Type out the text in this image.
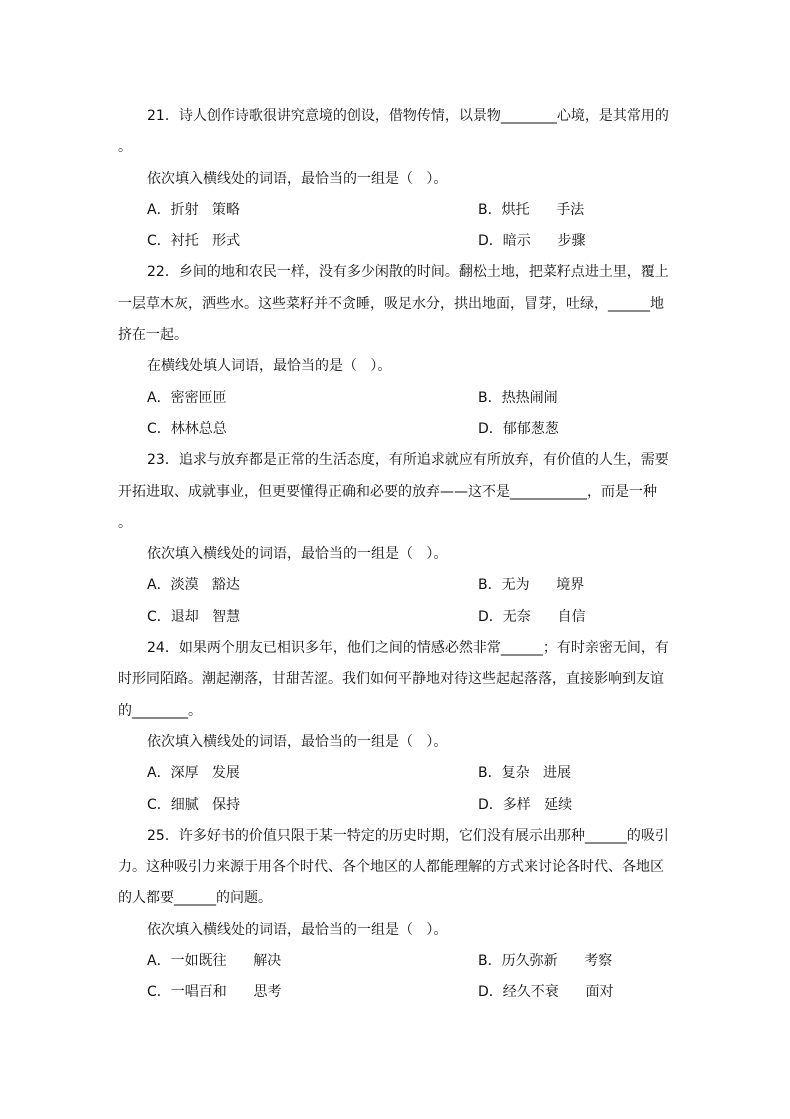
21．诗人创作诗歌很讲究意境的创设，借物传情，以景物________心境，是其常用的

。

依次填入横线处的词语，最恰当的一组是（   ）。

A．折射   策略	B．烘托      手法
C．衬托   形式	D．暗示      步骤

22．乡间的地和农民一样，没有多少闲散的时间。翻松土地，把菜籽点进土里，覆上

一层草木灰，洒些水。这些菜籽并不贪睡，吸足水分，拱出地面，冒芽，吐绿，______地

挤在一起。

在横线处填人词语，最恰当的是（   ）。

A．密密匝匝	B．热热闹闹
C．林林总总	D．郁郁葱葱

23．追求与放弃都是正常的生活态度，有所追求就应有所放弃，有价值的人生，需要

开拓进取、成就事业，但更要懂得正确和必要的放弃——这不是___________，而是一种

。

依次填入横线处的词语，最恰当的一组是（   ）。

A．淡漠   豁达	B．无为      境界
C．退却   智慧	D．无奈      自信

24．如果两个朋友已相识多年，他们之间的情感必然非常______；有时亲密无间，有

时形同陌路。潮起潮落，甘甜苦涩。我们如何平静地对待这些起起落落，直接影响到友谊

的________。

依次填入横线处的词语，最恰当的一组是（   ）。

A．深厚   发展	B．复杂   进展
C．细腻   保持	D．多样   延续

25．许多好书的价值只限于某一特定的历史时期，它们没有展示出那种______的吸引

力。这种吸引力来源于用各个时代、各个地区的人都能理解的方式来讨论各时代、各地区

的人都要______的问题。

依次填入横线处的词语，最恰当的一组是（   ）。

A．一如既往      解决	B．历久弥新      考察
C．一唱百和      思考	D．经久不衰      面对
